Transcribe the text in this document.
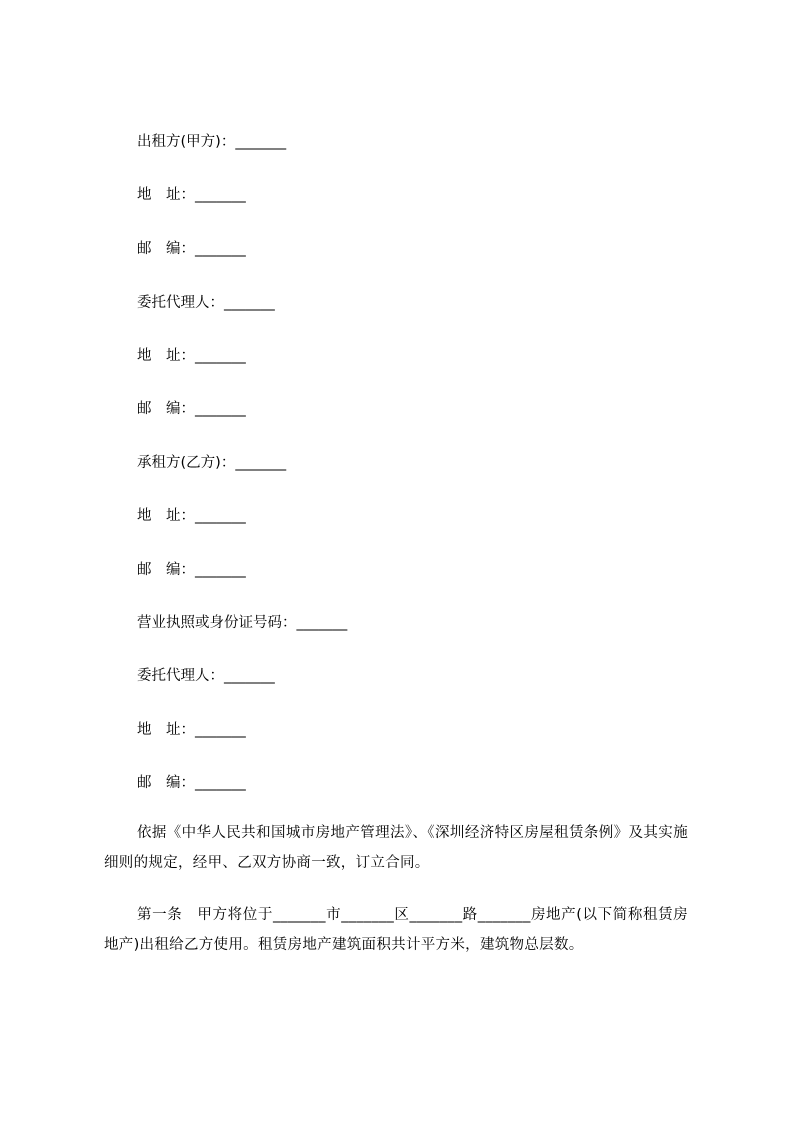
出租方(甲方)：_______
地　址：_______
邮　编：_______
委托代理人：_______
地　址：_______
邮　编：_______
承租方(乙方)：_______
地　址：_______
邮　编：_______
营业执照或身份证号码：_______
委托代理人：_______
地　址：_______
邮　编：_______
依据《中华人民共和国城市房地产管理法》、《深圳经济特区房屋租赁条例》及其实施细则的规定，经甲、乙双方协商一致，订立合同。
第一条　甲方将位于_______市_______区_______路_______房地产(以下简称租赁房地产)出租给乙方使用。租赁房地产建筑面积共计平方米，建筑物总层数。
